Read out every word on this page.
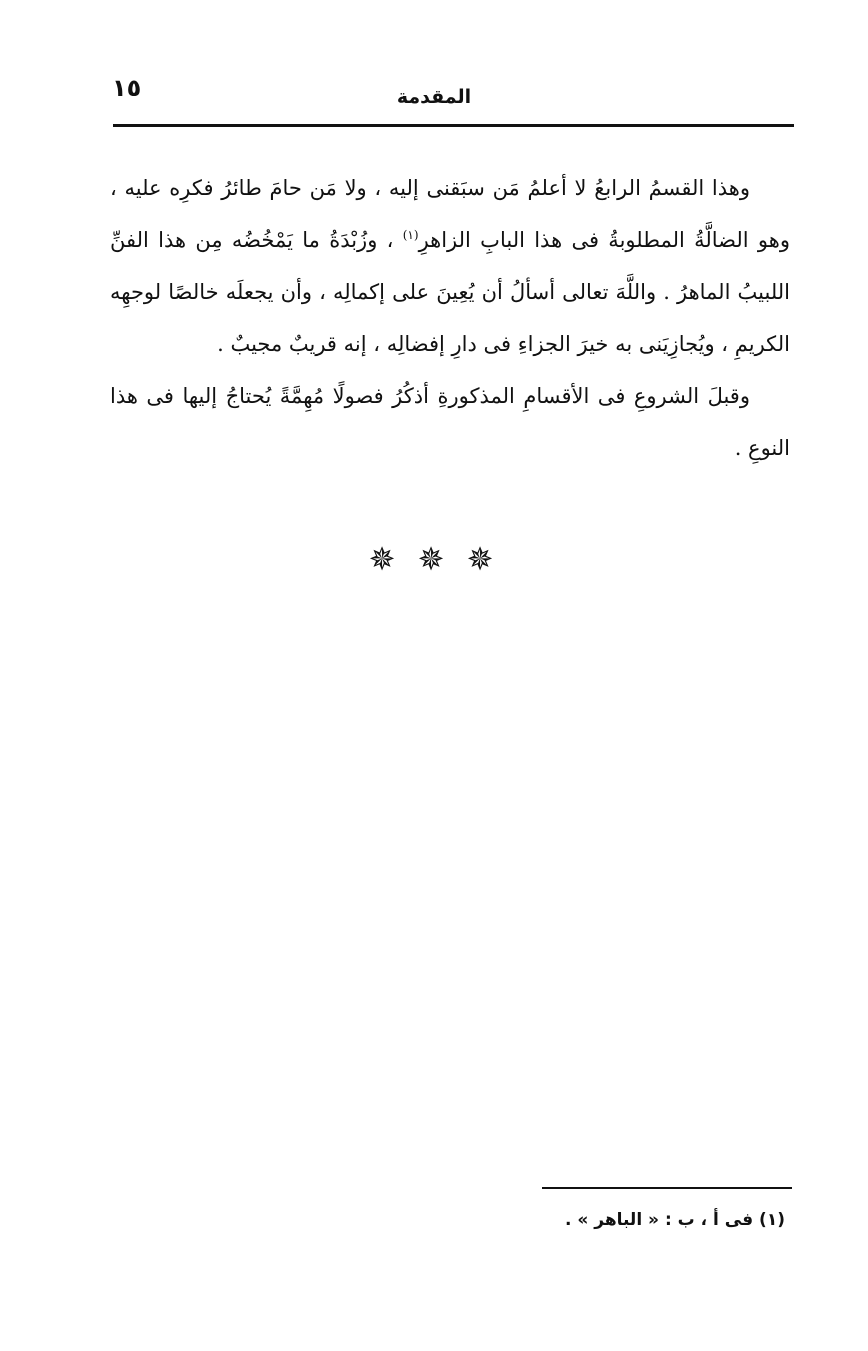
١٥	المقدمة

وهذا القسمُ الرابعُ لا أعلمُ مَن سبَقنى إليه ، ولا مَن حامَ طائرُ فكرِه عليه ، وهو الضالَّةُ المطلوبةُ فى هذا البابِ الزاهرِ$^{(١)}$ ، وزُبْدَةُ ما يَمْخُضُه مِن هذا الفنِّ اللبيبُ الماهرُ . واللَّهَ تعالى أسألُ أن يُعِينَ على إكمالِه ، وأن يجعلَه خالصًا لوجهِه الكريمِ ، ويُجازِيَنى به خيرَ الجزاءِ فى دارِ إفضالِه ، إنه قريبٌ مجيبٌ .

وقبلَ الشروعِ فى الأقسامِ المذكورةِ أذكُرُ فصولًا مُهِمَّةً يُحتاجُ إليها فى هذا النوعِ .

✵ ✵ ✵
(١) فى أ ، ب : « الباهر » .
